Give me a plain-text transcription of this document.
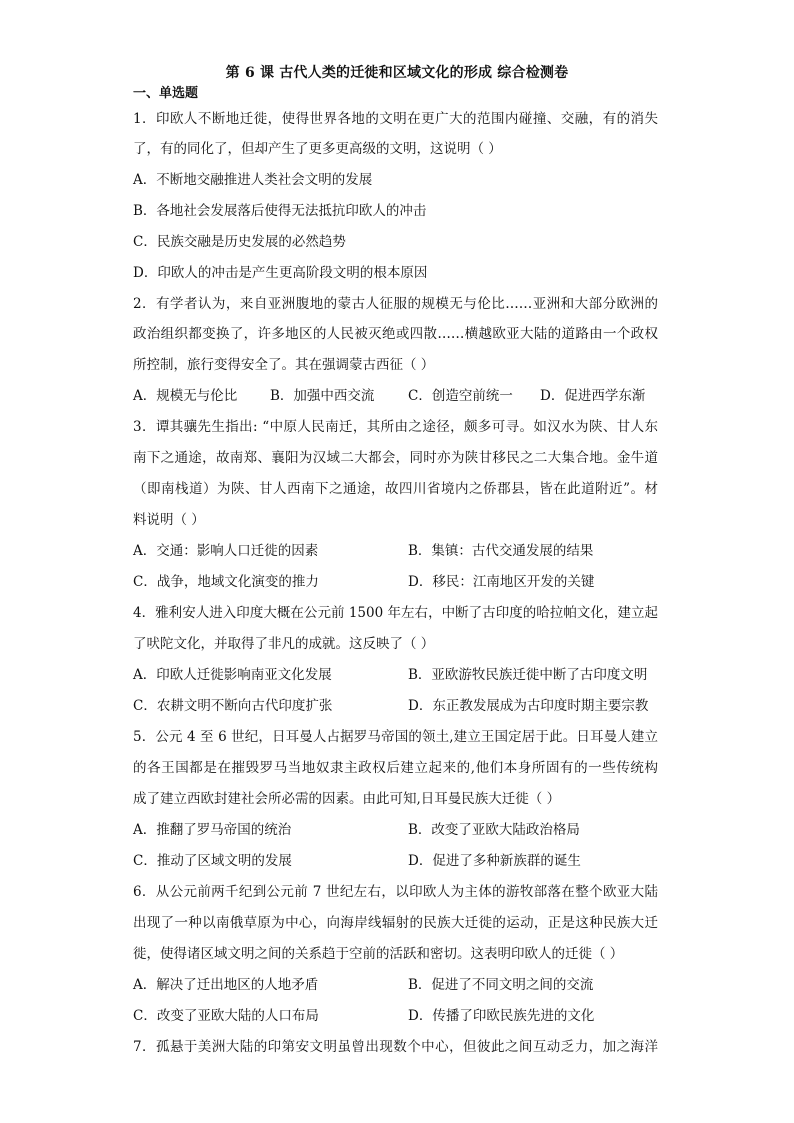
第 6 课 古代人类的迁徙和区域文化的形成 综合检测卷
一、单选题
1．印欧人不断地迁徙，使得世界各地的文明在更广大的范围内碰撞、交融，有的消失
了，有的同化了，但却产生了更多更高级的文明，这说明（ ）
A．不断地交融推进人类社会文明的发展
B．各地社会发展落后使得无法抵抗印欧人的冲击
C．民族交融是历史发展的必然趋势
D．印欧人的冲击是产生更高阶段文明的根本原因
2．有学者认为，来自亚洲腹地的蒙古人征服的规模无与伦比……亚洲和大部分欧洲的
政治组织都变换了，许多地区的人民被灭绝或四散……横越欧亚大陆的道路由一个政权
所控制，旅行变得安全了。其在强调蒙古西征（ ）
A．规模无与伦比 B．加强中西交流 C．创造空前统一 D．促进西学东渐
3．谭其骧先生指出: “中原人民南迁，其所由之途径，颇多可寻。如汉水为陕、甘人东
南下之通途，故南郑、襄阳为汉域二大都会，同时亦为陕甘移民之二大集合地。金牛道
（即南栈道）为陕、甘人西南下之通途，故四川省境内之侨郡县，皆在此道附近”。材
料说明（ ）
A．交通：影响人口迁徙的因素	B．集镇：古代交通发展的结果
C．战争，地域文化演变的推力	D．移民：江南地区开发的关键
4．雅利安人进入印度大概在公元前 1500 年左右，中断了古印度的哈拉帕文化，建立起
了吠陀文化，并取得了非凡的成就。这反映了（ ）
A．印欧人迁徙影响南亚文化发展	B．亚欧游牧民族迁徙中断了古印度文明
C．农耕文明不断向古代印度扩张	D．东正教发展成为古印度时期主要宗教
5．公元 4 至 6 世纪，日耳曼人占据罗马帝国的领土,建立王国定居于此。日耳曼人建立
的各王国都是在摧毁罗马当地奴隶主政权后建立起来的,他们本身所固有的一些传统构
成了建立西欧封建社会所必需的因素。由此可知,日耳曼民族大迁徙（ ）
A．推翻了罗马帝国的统治	B．改变了亚欧大陆政治格局
C．推动了区域文明的发展	D．促进了多种新族群的诞生
6．从公元前两千纪到公元前 7 世纪左右，以印欧人为主体的游牧部落在整个欧亚大陆
出现了一种以南俄草原为中心，向海岸线辐射的民族大迁徙的运动，正是这种民族大迁
徙，使得诸区域文明之间的关系趋于空前的活跃和密切。这表明印欧人的迁徙（ ）
A．解决了迁出地区的人地矛盾	B．促进了不同文明之间的交流
C．改变了亚欧大陆的人口布局	D．传播了印欧民族先进的文化
7．孤悬于美洲大陆的印第安文明虽曾出现数个中心，但彼此之间互动乏力，加之海洋
